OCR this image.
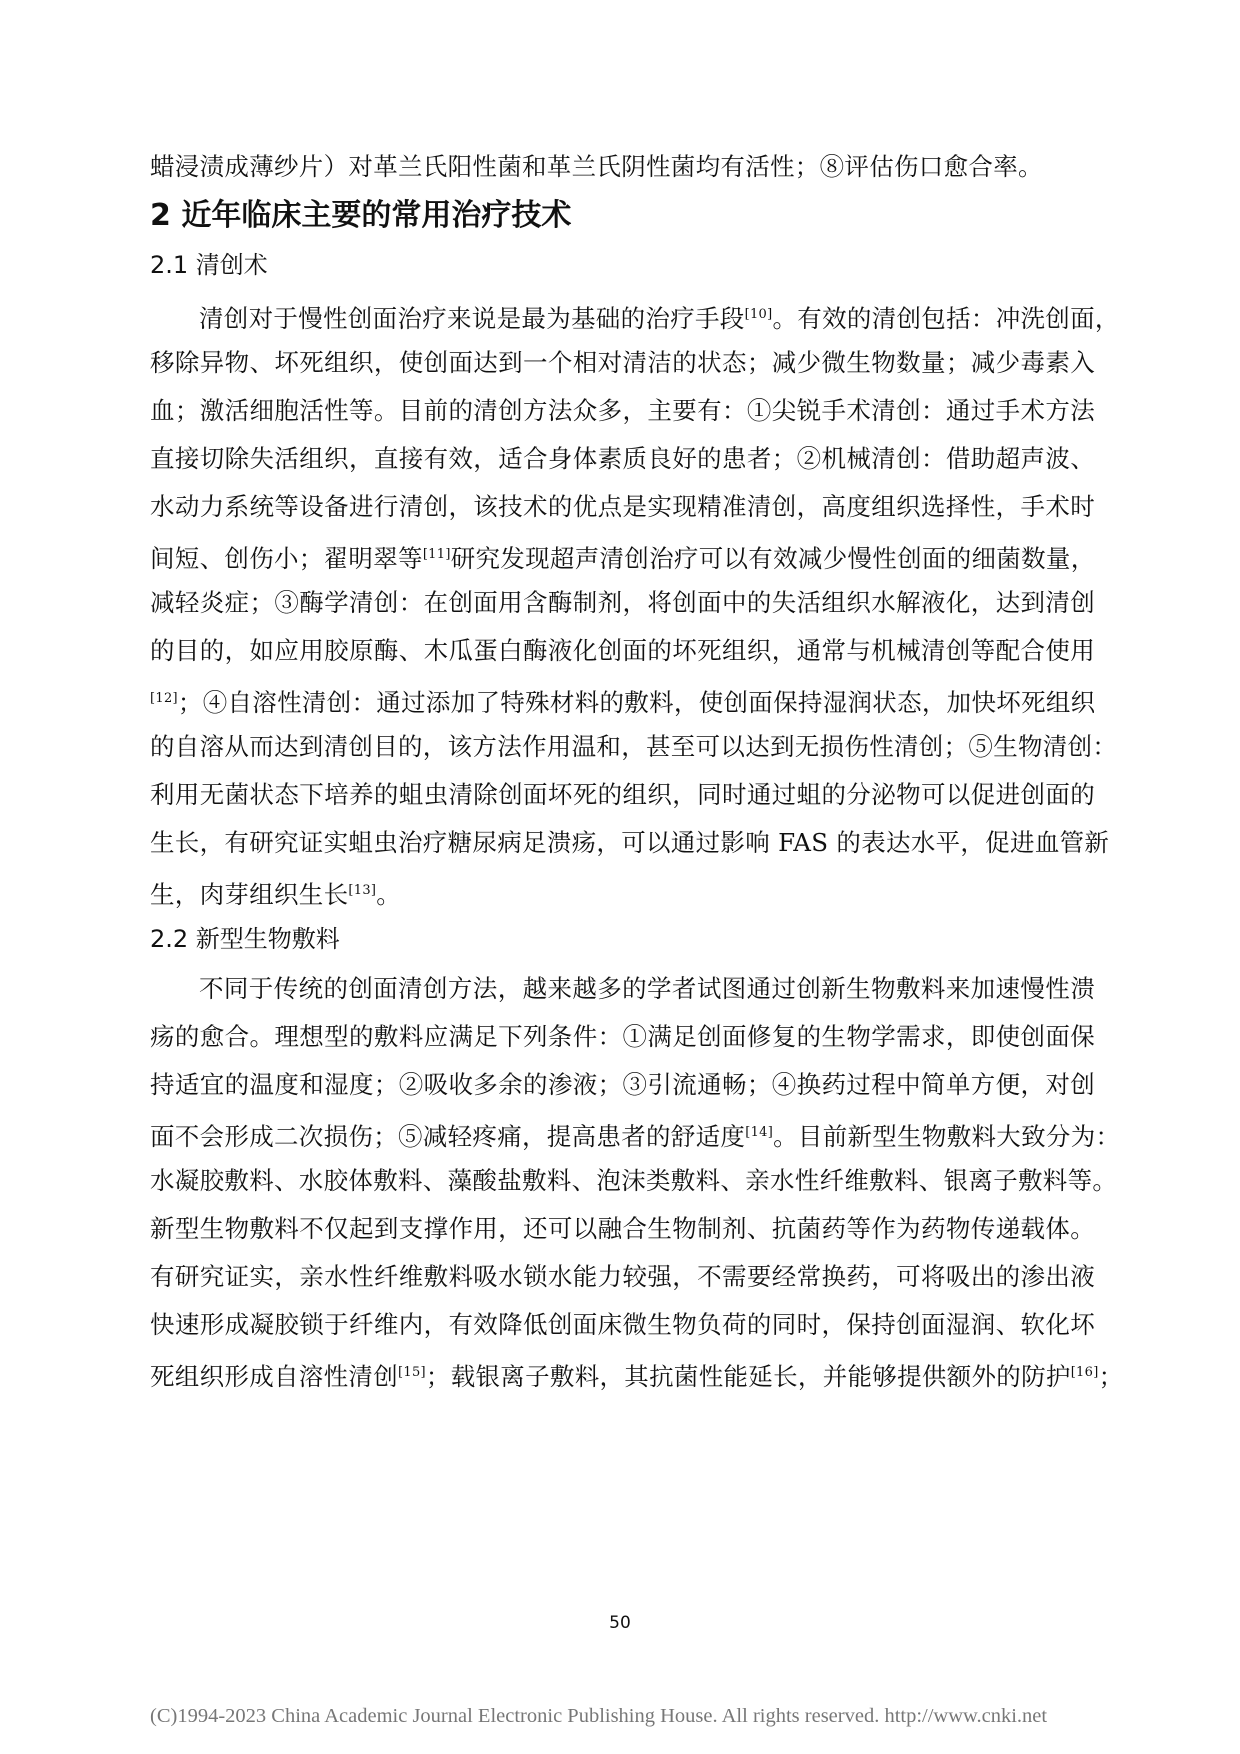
蜡浸渍成薄纱片）对革兰氏阳性菌和革兰氏阴性菌均有活性；⑧评估伤口愈合率。
2 近年临床主要的常用治疗技术
2.1 清创术
清创对于慢性创面治疗来说是最为基础的治疗手段[10]。有效的清创包括：冲洗创面，
移除异物、坏死组织，使创面达到一个相对清洁的状态；减少微生物数量；减少毒素入
血；激活细胞活性等。目前的清创方法众多，主要有：①尖锐手术清创：通过手术方法
直接切除失活组织，直接有效，适合身体素质良好的患者；②机械清创：借助超声波、
水动力系统等设备进行清创，该技术的优点是实现精准清创，高度组织选择性，手术时
间短、创伤小；翟明翠等[11]研究发现超声清创治疗可以有效减少慢性创面的细菌数量，
减轻炎症；③酶学清创：在创面用含酶制剂，将创面中的失活组织水解液化，达到清创
的目的，如应用胶原酶、木瓜蛋白酶液化创面的坏死组织，通常与机械清创等配合使用
[12]；④自溶性清创：通过添加了特殊材料的敷料，使创面保持湿润状态，加快坏死组织
的自溶从而达到清创目的，该方法作用温和，甚至可以达到无损伤性清创；⑤生物清创：
利用无菌状态下培养的蛆虫清除创面坏死的组织，同时通过蛆的分泌物可以促进创面的
生长，有研究证实蛆虫治疗糖尿病足溃疡，可以通过影响 FAS 的表达水平，促进血管新
生，肉芽组织生长[13]。
2.2 新型生物敷料
不同于传统的创面清创方法，越来越多的学者试图通过创新生物敷料来加速慢性溃
疡的愈合。理想型的敷料应满足下列条件：①满足创面修复的生物学需求，即使创面保
持适宜的温度和湿度；②吸收多余的渗液；③引流通畅；④换药过程中简单方便，对创
面不会形成二次损伤；⑤减轻疼痛，提高患者的舒适度[14]。目前新型生物敷料大致分为：
水凝胶敷料、水胶体敷料、藻酸盐敷料、泡沫类敷料、亲水性纤维敷料、银离子敷料等。
新型生物敷料不仅起到支撑作用，还可以融合生物制剂、抗菌药等作为药物传递载体。
有研究证实，亲水性纤维敷料吸水锁水能力较强，不需要经常换药，可将吸出的渗出液
快速形成凝胶锁于纤维内，有效降低创面床微生物负荷的同时，保持创面湿润、软化坏
死组织形成自溶性清创[15]；载银离子敷料，其抗菌性能延长，并能够提供额外的防护[16]；
50
(C)1994-2023 China Academic Journal Electronic Publishing House. All rights reserved. http://www.cnki.net
